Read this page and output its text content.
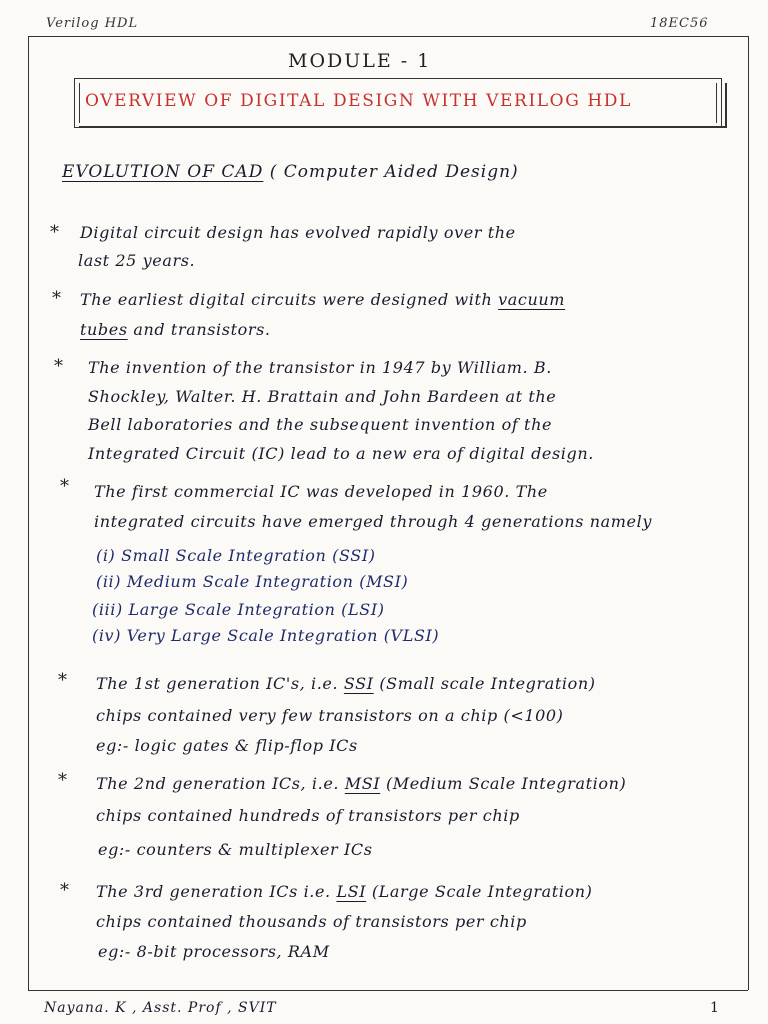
Verilog HDL	18EC56
MODULE - 1
OVERVIEW OF DIGITAL DESIGN WITH VERILOG HDL
EVOLUTION OF CAD ( Computer Aided Design)
* Digital circuit design has evolved rapidly over the
last 25 years.
* The earliest digital circuits were designed with vacuum
tubes and transistors.
* The invention of the transistor in 1947 by William. B.
Shockley, Walter. H. Brattain and John Bardeen at the
Bell laboratories and the subsequent invention of the
Integrated Circuit (IC) lead to a new era of digital design.
* The first commercial IC was developed in 1960. The
integrated circuits have emerged through 4 generations namely
(i) Small Scale Integration (SSI)
(ii) Medium Scale Integration (MSI)
(iii) Large Scale Integration (LSI)
(iv) Very Large Scale Integration (VLSI)
* The 1st generation IC's, i.e. SSI (Small scale Integration)
chips contained very few transistors on a chip (<100)
eg:- logic gates & flip-flop ICs
* The 2nd generation ICs, i.e. MSI (Medium Scale Integration)
chips contained hundreds of transistors per chip
eg:- counters & multiplexer ICs
* The 3rd generation ICs i.e. LSI (Large Scale Integration)
chips contained thousands of transistors per chip
eg:- 8-bit processors, RAM
Nayana. K , Asst. Prof , SVIT	1
